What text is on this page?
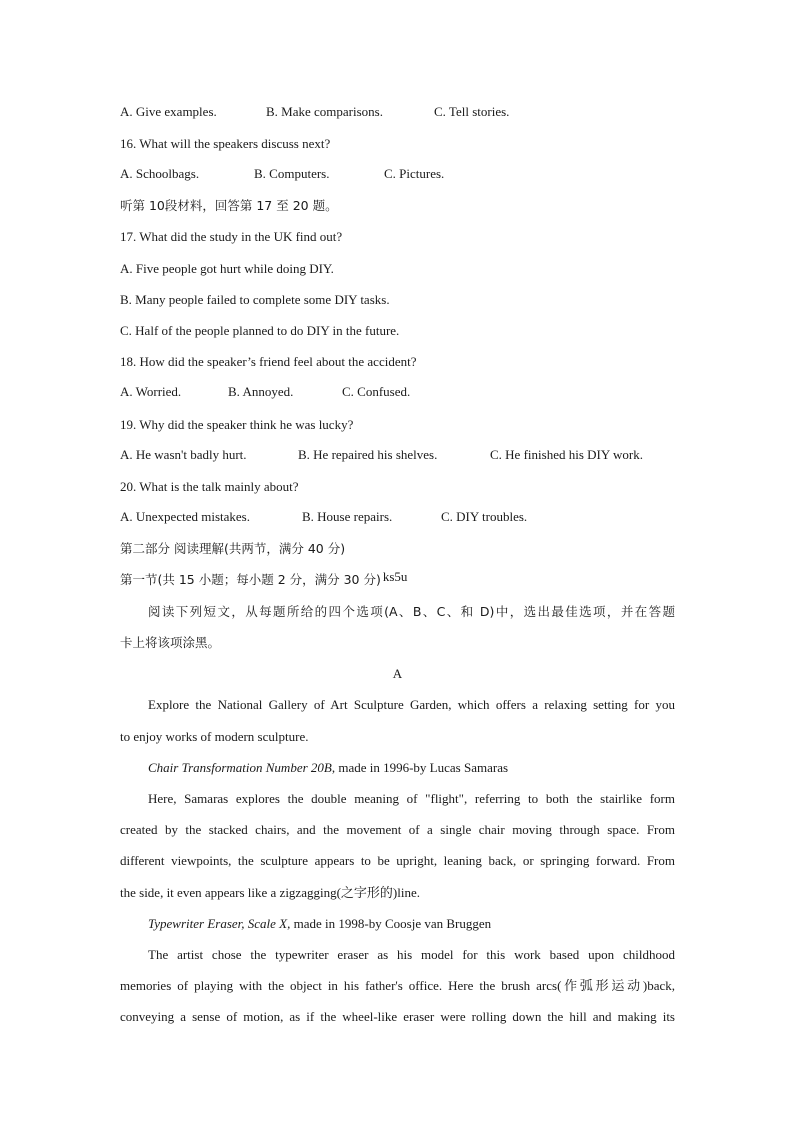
A. Give examples.	B. Make comparisons.	C. Tell stories.
16. What will the speakers discuss next?
A. Schoolbags.	B. Computers.	C. Pictures.
听第 10段材料，回答第 17 至 20 题。
17. What did the study in the UK find out?
A. Five people got hurt while doing DIY.
B. Many people failed to complete some DIY tasks.
C. Half of the people planned to do DIY in the future.
18. How did the speaker’s friend feel about the accident?
A. Worried.	B. Annoyed.	C. Confused.
19. Why did the speaker think he was lucky?
A. He wasn't badly hurt.	B. He repaired his shelves.	C. He finished his DIY work.
20. What is the talk mainly about?
A. Unexpected mistakes.	B. House repairs.	C. DIY troubles.
第二部分 阅读理解(共两节，满分 40 分)
第一节(共 15 小题；每小题 2 分，满分 30 分) ks5u
阅读下列短文，从每题所给的四个选项(A、B、C、和 D)中，选出最佳选项，并在答题
卡上将该项涂黑。
A
Explore the National Gallery of Art Sculpture Garden, which offers a relaxing setting for you
to enjoy works of modern sculpture.
Chair Transformation Number 20B, made in 1996-by Lucas Samaras
Here, Samaras explores the double meaning of "flight", referring to both the stairlike form
created by the stacked chairs, and the movement of a single chair moving through space. From
different viewpoints, the sculpture appears to be upright, leaning back, or springing forward. From
the side, it even appears like a zigzagging(之字形的)line.
Typewriter Eraser, Scale X, made in 1998-by Coosje van Bruggen
The artist chose the typewriter eraser as his model for this work based upon childhood
memories of playing with the object in his father's office. Here the brush arcs(作弧形运动)back,
conveying a sense of motion, as if the wheel-like eraser were rolling down the hill and making its
